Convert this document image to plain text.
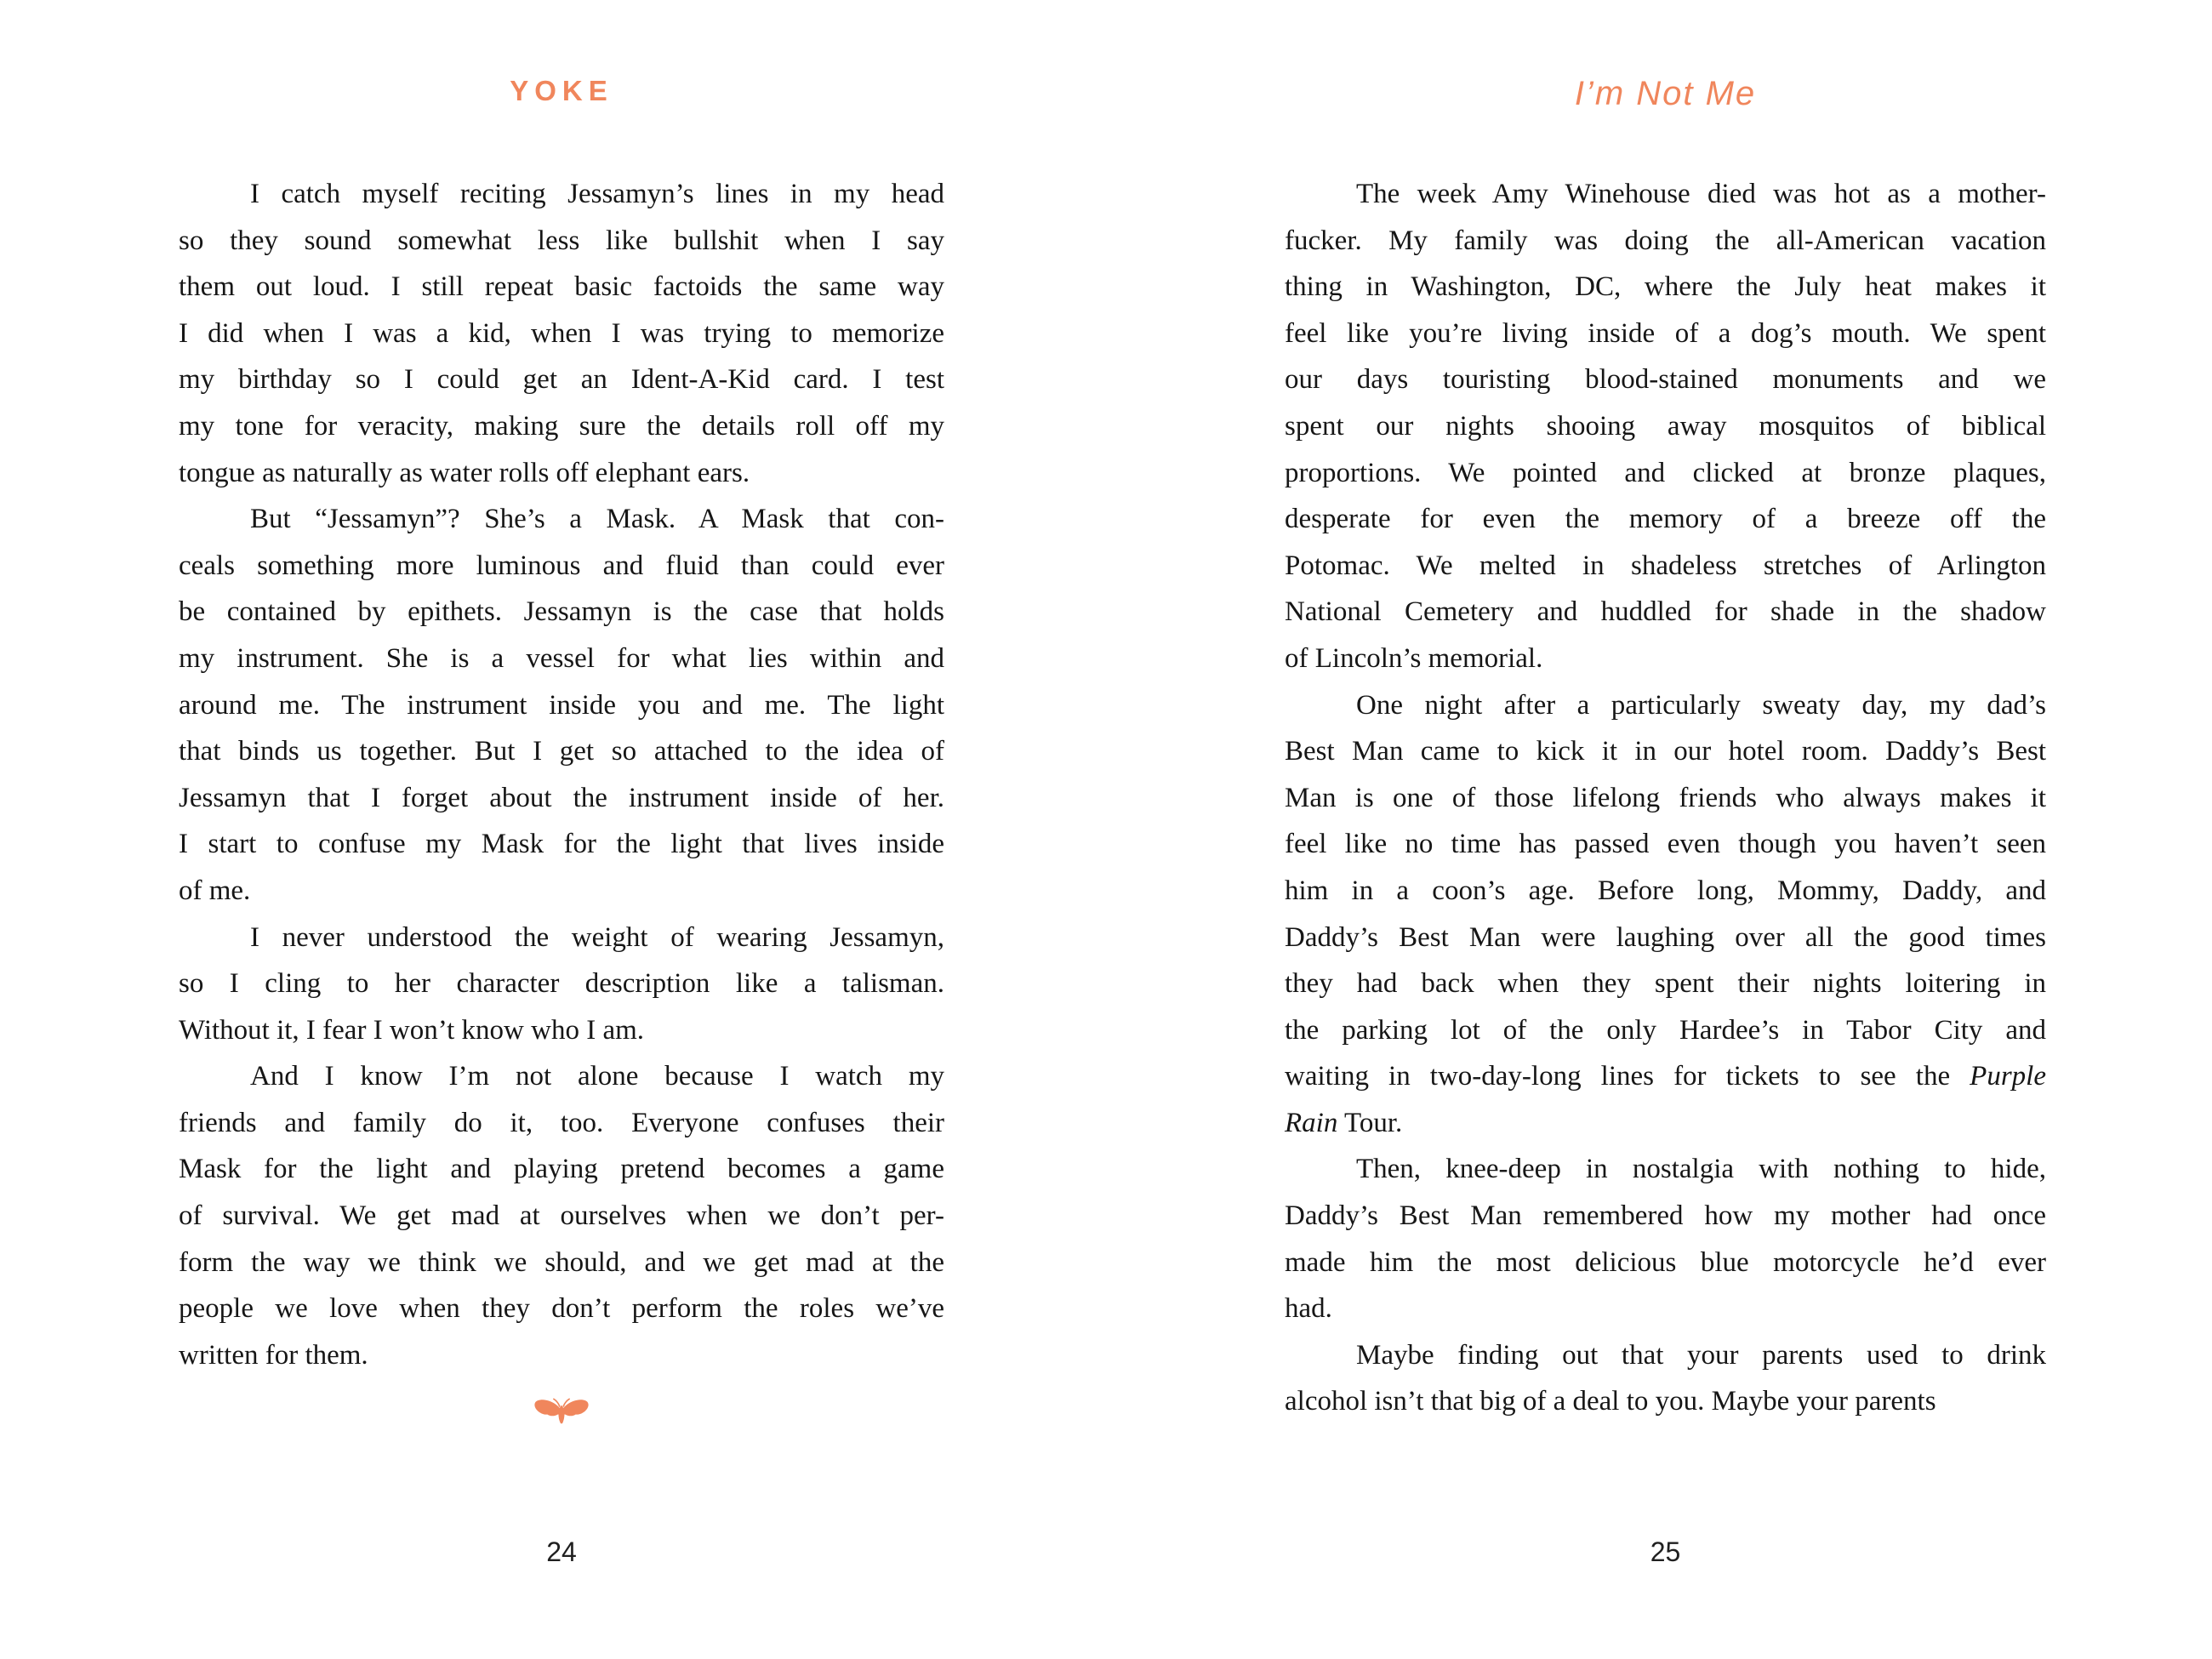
YOKE
I catch myself reciting Jessamyn’s lines in my head
so they sound somewhat less like bullshit when I say
them out loud. I still repeat basic factoids the same way
I did when I was a kid, when I was trying to memorize
my birthday so I could get an Ident-A-Kid card. I test
my tone for veracity, making sure the details roll off my
tongue as naturally as water rolls off elephant ears.
But “Jessamyn”? She’s a Mask. A Mask that con-
ceals something more luminous and fluid than could ever
be contained by epithets. Jessamyn is the case that holds
my instrument. She is a vessel for what lies within and
around me. The instrument inside you and me. The light
that binds us together. But I get so attached to the idea of
Jessamyn that I forget about the instrument inside of her.
I start to confuse my Mask for the light that lives inside
of me.
I never understood the weight of wearing Jessamyn,
so I cling to her character description like a talisman.
Without it, I fear I won’t know who I am.
And I know I’m not alone because I watch my
friends and family do it, too. Everyone confuses their
Mask for the light and playing pretend becomes a game
of survival. We get mad at ourselves when we don’t per-
form the way we think we should, and we get mad at the
people we love when they don’t perform the roles we’ve
written for them.
24
I’m Not Me
The week Amy Winehouse died was hot as a mother-
fucker. My family was doing the all-American vacation
thing in Washington, DC, where the July heat makes it
feel like you’re living inside of a dog’s mouth. We spent
our days touristing blood-stained monuments and we
spent our nights shooing away mosquitos of biblical
proportions. We pointed and clicked at bronze plaques,
desperate for even the memory of a breeze off the
Potomac. We melted in shadeless stretches of Arlington
National Cemetery and huddled for shade in the shadow
of Lincoln’s memorial.
One night after a particularly sweaty day, my dad’s
Best Man came to kick it in our hotel room. Daddy’s Best
Man is one of those lifelong friends who always makes it
feel like no time has passed even though you haven’t seen
him in a coon’s age. Before long, Mommy, Daddy, and
Daddy’s Best Man were laughing over all the good times
they had back when they spent their nights loitering in
the parking lot of the only Hardee’s in Tabor City and
waiting in two-day-long lines for tickets to see the Purple
Rain Tour.
Then, knee-deep in nostalgia with nothing to hide,
Daddy’s Best Man remembered how my mother had once
made him the most delicious blue motorcycle he’d ever
had.
Maybe finding out that your parents used to drink
alcohol isn’t that big of a deal to you. Maybe your parents
25
